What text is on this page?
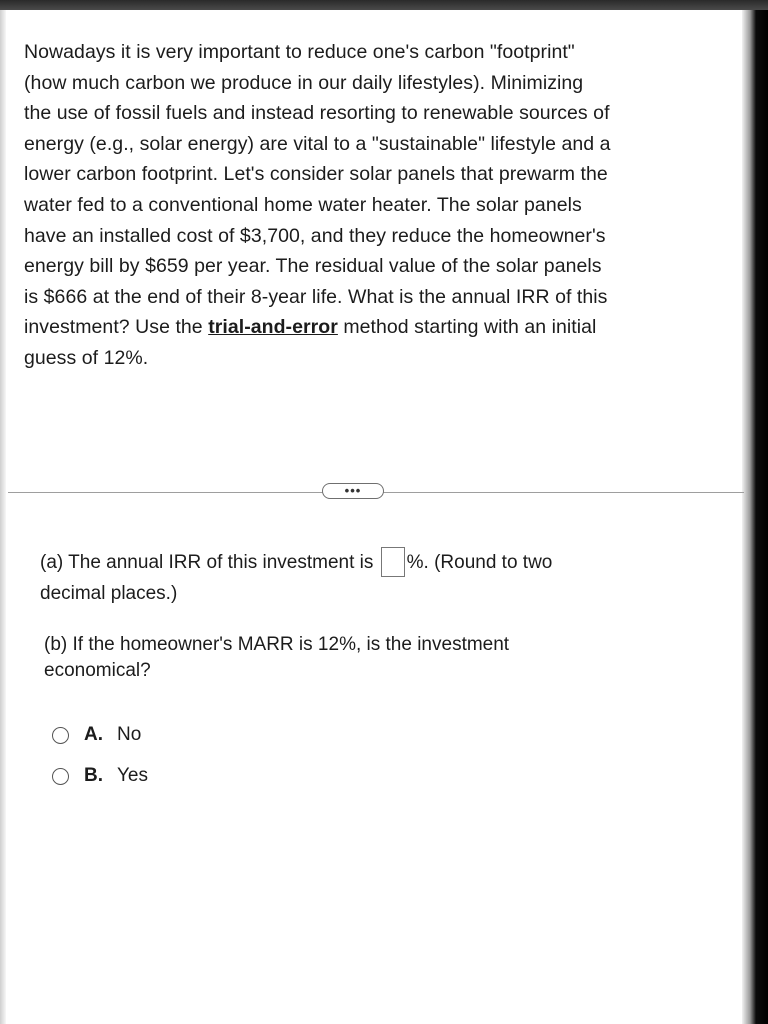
Nowadays it is very important to reduce one's carbon "footprint"
(how much carbon we produce in our daily lifestyles). Minimizing
the use of fossil fuels and instead resorting to renewable sources of
energy (e.g., solar energy) are vital to a "sustainable" lifestyle and a
lower carbon footprint. Let's consider solar panels that prewarm the
water fed to a conventional home water heater. The solar panels
have an installed cost of $3,700, and they reduce the homeowner's
energy bill by $659 per year. The residual value of the solar panels
is $666 at the end of their 8-year life. What is the annual IRR of this
investment? Use the trial-and-error method starting with an initial
guess of 12%.
•••
(a) The annual IRR of this investment is %. (Round to two
decimal places.)
(b) If the homeowner's MARR is 12%, is the investment
economical?
A. No
B. Yes
